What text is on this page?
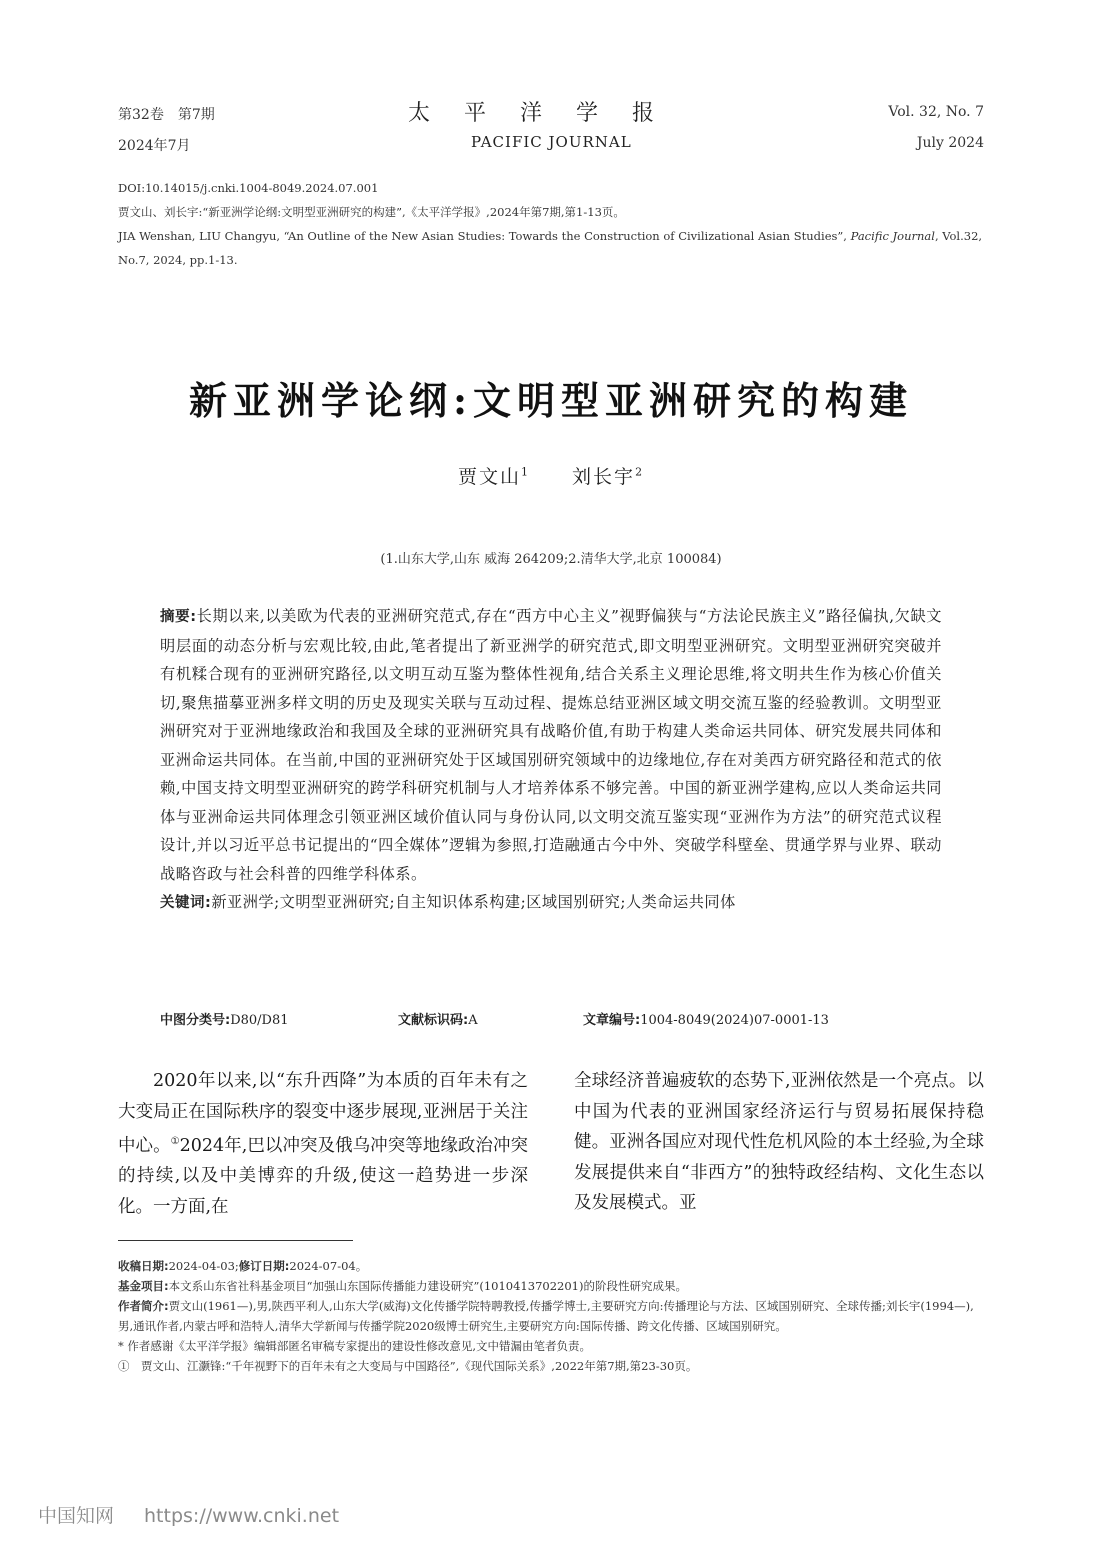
第32卷　第7期
2024年7月
太平洋学报
PACIFIC JOURNAL
Vol. 32, No. 7
July 2024
DOI:10.14015/j.cnki.1004-8049.2024.07.001
贾文山、刘长宇:“新亚洲学论纲:文明型亚洲研究的构建”,《太平洋学报》,2024年第7期,第1-13页。
JIA Wenshan, LIU Changyu, “An Outline of the New Asian Studies: Towards the Construction of Civilizational Asian Studies”, Pacific Journal, Vol.32, No.7, 2024, pp.1-13.
新亚洲学论纲:文明型亚洲研究的构建
贾文山$^1$ 刘长宇$^2$
(1.山东大学,山东 威海 264209;2.清华大学,北京 100084)
摘要:长期以来,以美欧为代表的亚洲研究范式,存在“西方中心主义”视野偏狭与“方法论民族主义”路径偏执,欠缺文明层面的动态分析与宏观比较,由此,笔者提出了新亚洲学的研究范式,即文明型亚洲研究。文明型亚洲研究突破并有机糅合现有的亚洲研究路径,以文明互动互鉴为整体性视角,结合关系主义理论思维,将文明共生作为核心价值关切,聚焦描摹亚洲多样文明的历史及现实关联与互动过程、提炼总结亚洲区域文明交流互鉴的经验教训。文明型亚洲研究对于亚洲地缘政治和我国及全球的亚洲研究具有战略价值,有助于构建人类命运共同体、研究发展共同体和亚洲命运共同体。在当前,中国的亚洲研究处于区域国别研究领域中的边缘地位,存在对美西方研究路径和范式的依赖,中国支持文明型亚洲研究的跨学科研究机制与人才培养体系不够完善。中国的新亚洲学建构,应以人类命运共同体与亚洲命运共同体理念引领亚洲区域价值认同与身份认同,以文明交流互鉴实现“亚洲作为方法”的研究范式议程设计,并以习近平总书记提出的“四全媒体”逻辑为参照,打造融通古今中外、突破学科壁垒、贯通学界与业界、联动战略咨政与社会科普的四维学科体系。
关键词:新亚洲学;文明型亚洲研究;自主知识体系构建;区域国别研究;人类命运共同体
中图分类号:D80/D81	文献标识码:A	文章编号:1004-8049(2024)07-0001-13
2020年以来,以“东升西降”为本质的百年未有之大变局正在国际秩序的裂变中逐步展现,亚洲居于关注中心。①2024年,巴以冲突及俄乌冲突等地缘政治冲突的持续,以及中美博弈的升级,使这一趋势进一步深化。一方面,在
全球经济普遍疲软的态势下,亚洲依然是一个亮点。以中国为代表的亚洲国家经济运行与贸易拓展保持稳健。亚洲各国应对现代性危机风险的本土经验,为全球发展提供来自“非西方”的独特政经结构、文化生态以及发展模式。亚

收稿日期:2024-04-03;修订日期:2024-07-04。

基金项目:本文系山东省社科基金项目“加强山东国际传播能力建设研究”(1010413702201)的阶段性研究成果。

作者简介:贾文山(1961—),男,陕西平利人,山东大学(威海)文化传播学院特聘教授,传播学博士,主要研究方向:传播理论与方法、区域国别研究、全球传播;刘长宇(1994—),男,通讯作者,内蒙古呼和浩特人,清华大学新闻与传播学院2020级博士研究生,主要研究方向:国际传播、跨文化传播、区域国别研究。

* 作者感谢《太平洋学报》编辑部匿名审稿专家提出的建设性修改意见,文中错漏由笔者负责。

①　贾文山、江灏锋:“千年视野下的百年未有之大变局与中国路径”,《现代国际关系》,2022年第7期,第23-30页。

中国知网 https://www.cnki.net
